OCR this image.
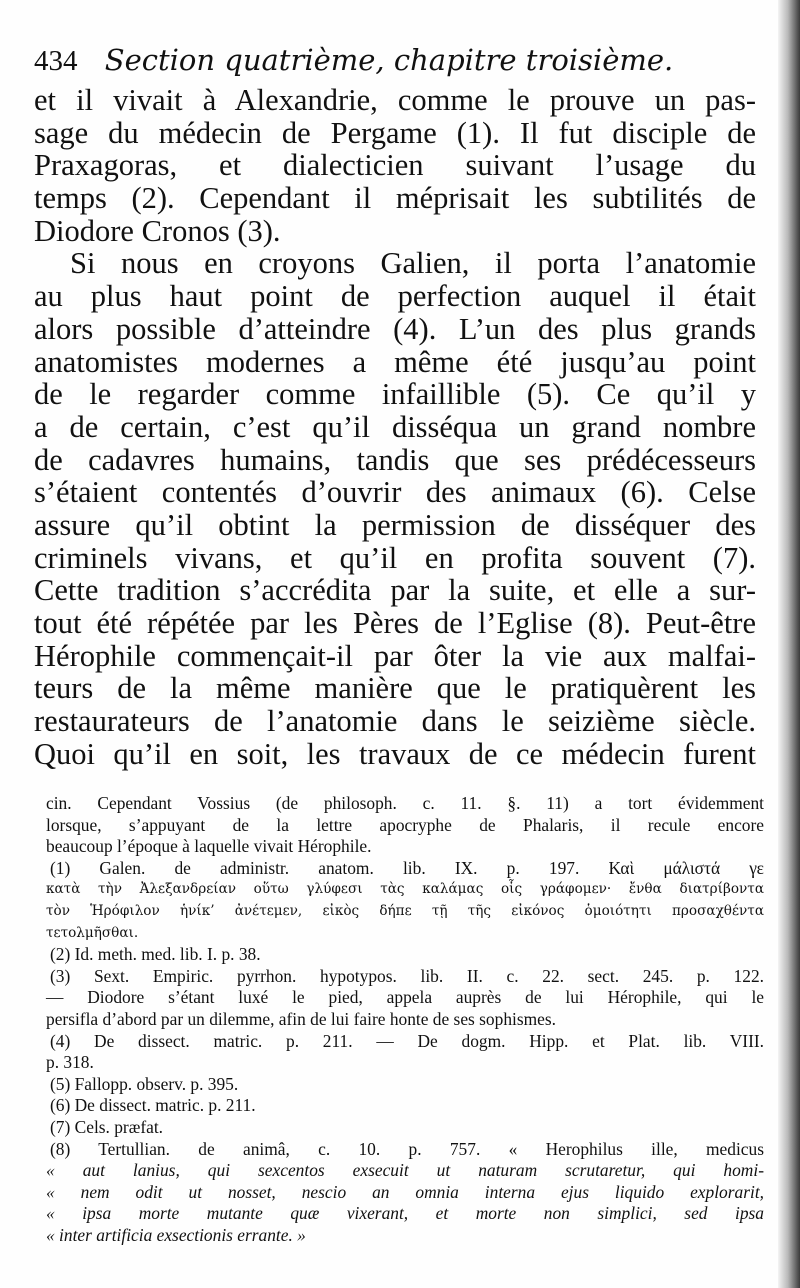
434 Section quatrième, chapitre troisième.
et il vivait à Alexandrie, comme le prouve un pas-
sage du médecin de Pergame (1). Il fut disciple de
Praxagoras, et dialecticien suivant l’usage du
temps (2). Cependant il méprisait les subtilités de
Diodore Cronos (3).
Si nous en croyons Galien, il porta l’anatomie
au plus haut point de perfection auquel il était
alors possible d’atteindre (4). L’un des plus grands
anatomistes modernes a même été jusqu’au point
de le regarder comme infaillible (5). Ce qu’il y
a de certain, c’est qu’il disséqua un grand nombre
de cadavres humains, tandis que ses prédécesseurs
s’étaient contentés d’ouvrir des animaux (6). Celse
assure qu’il obtint la permission de disséquer des
criminels vivans, et qu’il en profita souvent (7).
Cette tradition s’accrédita par la suite, et elle a sur-
tout été répétée par les Pères de l’Eglise (8). Peut-être
Hérophile commençait-il par ôter la vie aux malfai-
teurs de la même manière que le pratiquèrent les
restaurateurs de l’anatomie dans le seizième siècle.
Quoi qu’il en soit, les travaux de ce médecin furent
cin. Cependant Vossius (de philosoph. c. 11. §. 11) a tort évidemment
lorsque, s’appuyant de la lettre apocryphe de Phalaris, il recule encore
beaucoup l’époque à laquelle vivait Hérophile.
(1) Galen. de administr. anatom. lib. IX. p. 197. Καὶ μάλιστά γε
κατὰ τὴν Ἀλεξανδρείαν οὕτω γλύφεσι τὰς καλάμας οἷς γράφομεν· ἔνθα διατρίβοντα
τὸν Ἡρόφιλον ἡνίκ’ ἀνέτεμεν, εἰκὸς δήπε τῇ τῆς εἰκόνος ὁμοιότητι προσαχθέντα
τετολμῆσθαι.
(2) Id. meth. med. lib. I. p. 38.
(3) Sext. Empiric. pyrrhon. hypotypos. lib. II. c. 22. sect. 245. p. 122.
— Diodore s’étant luxé le pied, appela auprès de lui Hérophile, qui le
persifla d’abord par un dilemme, afin de lui faire honte de ses sophismes.
(4) De dissect. matric. p. 211. — De dogm. Hipp. et Plat. lib. VIII.
p. 318.
(5) Fallopp. observ. p. 395.
(6) De dissect. matric. p. 211.
(7) Cels. præfat.
(8) Tertullian. de animâ, c. 10. p. 757. « Herophilus ille, medicus
« aut lanius, qui sexcentos exsecuit ut naturam scrutaretur, qui homi-
« nem odit ut nosset, nescio an omnia interna ejus liquido explorarit,
« ipsa morte mutante quæ vixerant, et morte non simplici, sed ipsa
« inter artificia exsectionis errante. »
